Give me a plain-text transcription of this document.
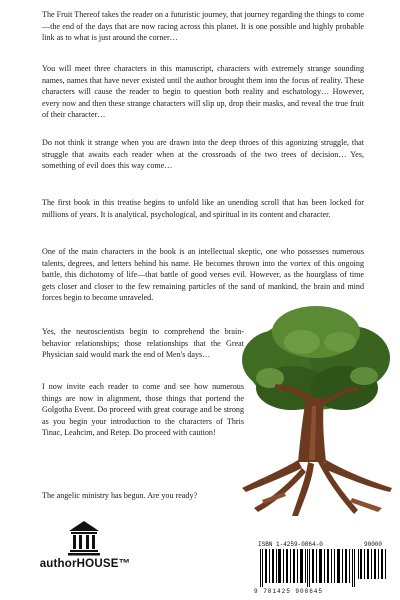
The Fruit Thereof takes the reader on a futuristic journey, that journey regarding the things to come—the end of the days that are now racing across this planet. It is one possible and highly probable link as to what is just around the corner…

You will meet three characters in this manuscript, characters with extremely strange sounding names, names that have never existed until the author brought them into the focus of reality. These characters will cause the reader to begin to question both reality and eschatology… However, every now and then these strange characters will slip up, drop their masks, and reveal the true fruit of their character…

Do not think it strange when you are drawn into the deep throes of this agonizing struggle, that struggle that awaits each reader when at the crossroads of the two trees of decision… Yes, something of evil does this way come…

The first book in this treatise begins to unfold like an unending scroll that has been locked for millions of years. It is analytical, psychological, and spiritual in its content and character.

One of the main characters in the book is an intellectual skeptic, one who possesses numerous talents, degrees, and letters behind his name. He becomes thrown into the vortex of this ongoing battle, this dichotomy of life—that battle of good verses evil. However, as the hourglass of time gets closer and closer to the few remaining particles of the sand of mankind, the brain and mind forces begin to become unraveled.

Yes, the neuroscientists begin to comprehend the brain-behavior relationships; those relationships that the Great Physician said would mark the end of Men's days…

I now invite each reader to come and see how numerous things are now in alignment, those things that portend the Golgotha Event. Do proceed with great courage and be strong as you begin your introduction to the characters of Thris Tinac, Leahcim, and Retep. Do proceed with caution!

The angelic ministry has begun. Are you ready?

authorHOUSE™
ISBN 1-4259-0864-0	90000
9 781425 908645
